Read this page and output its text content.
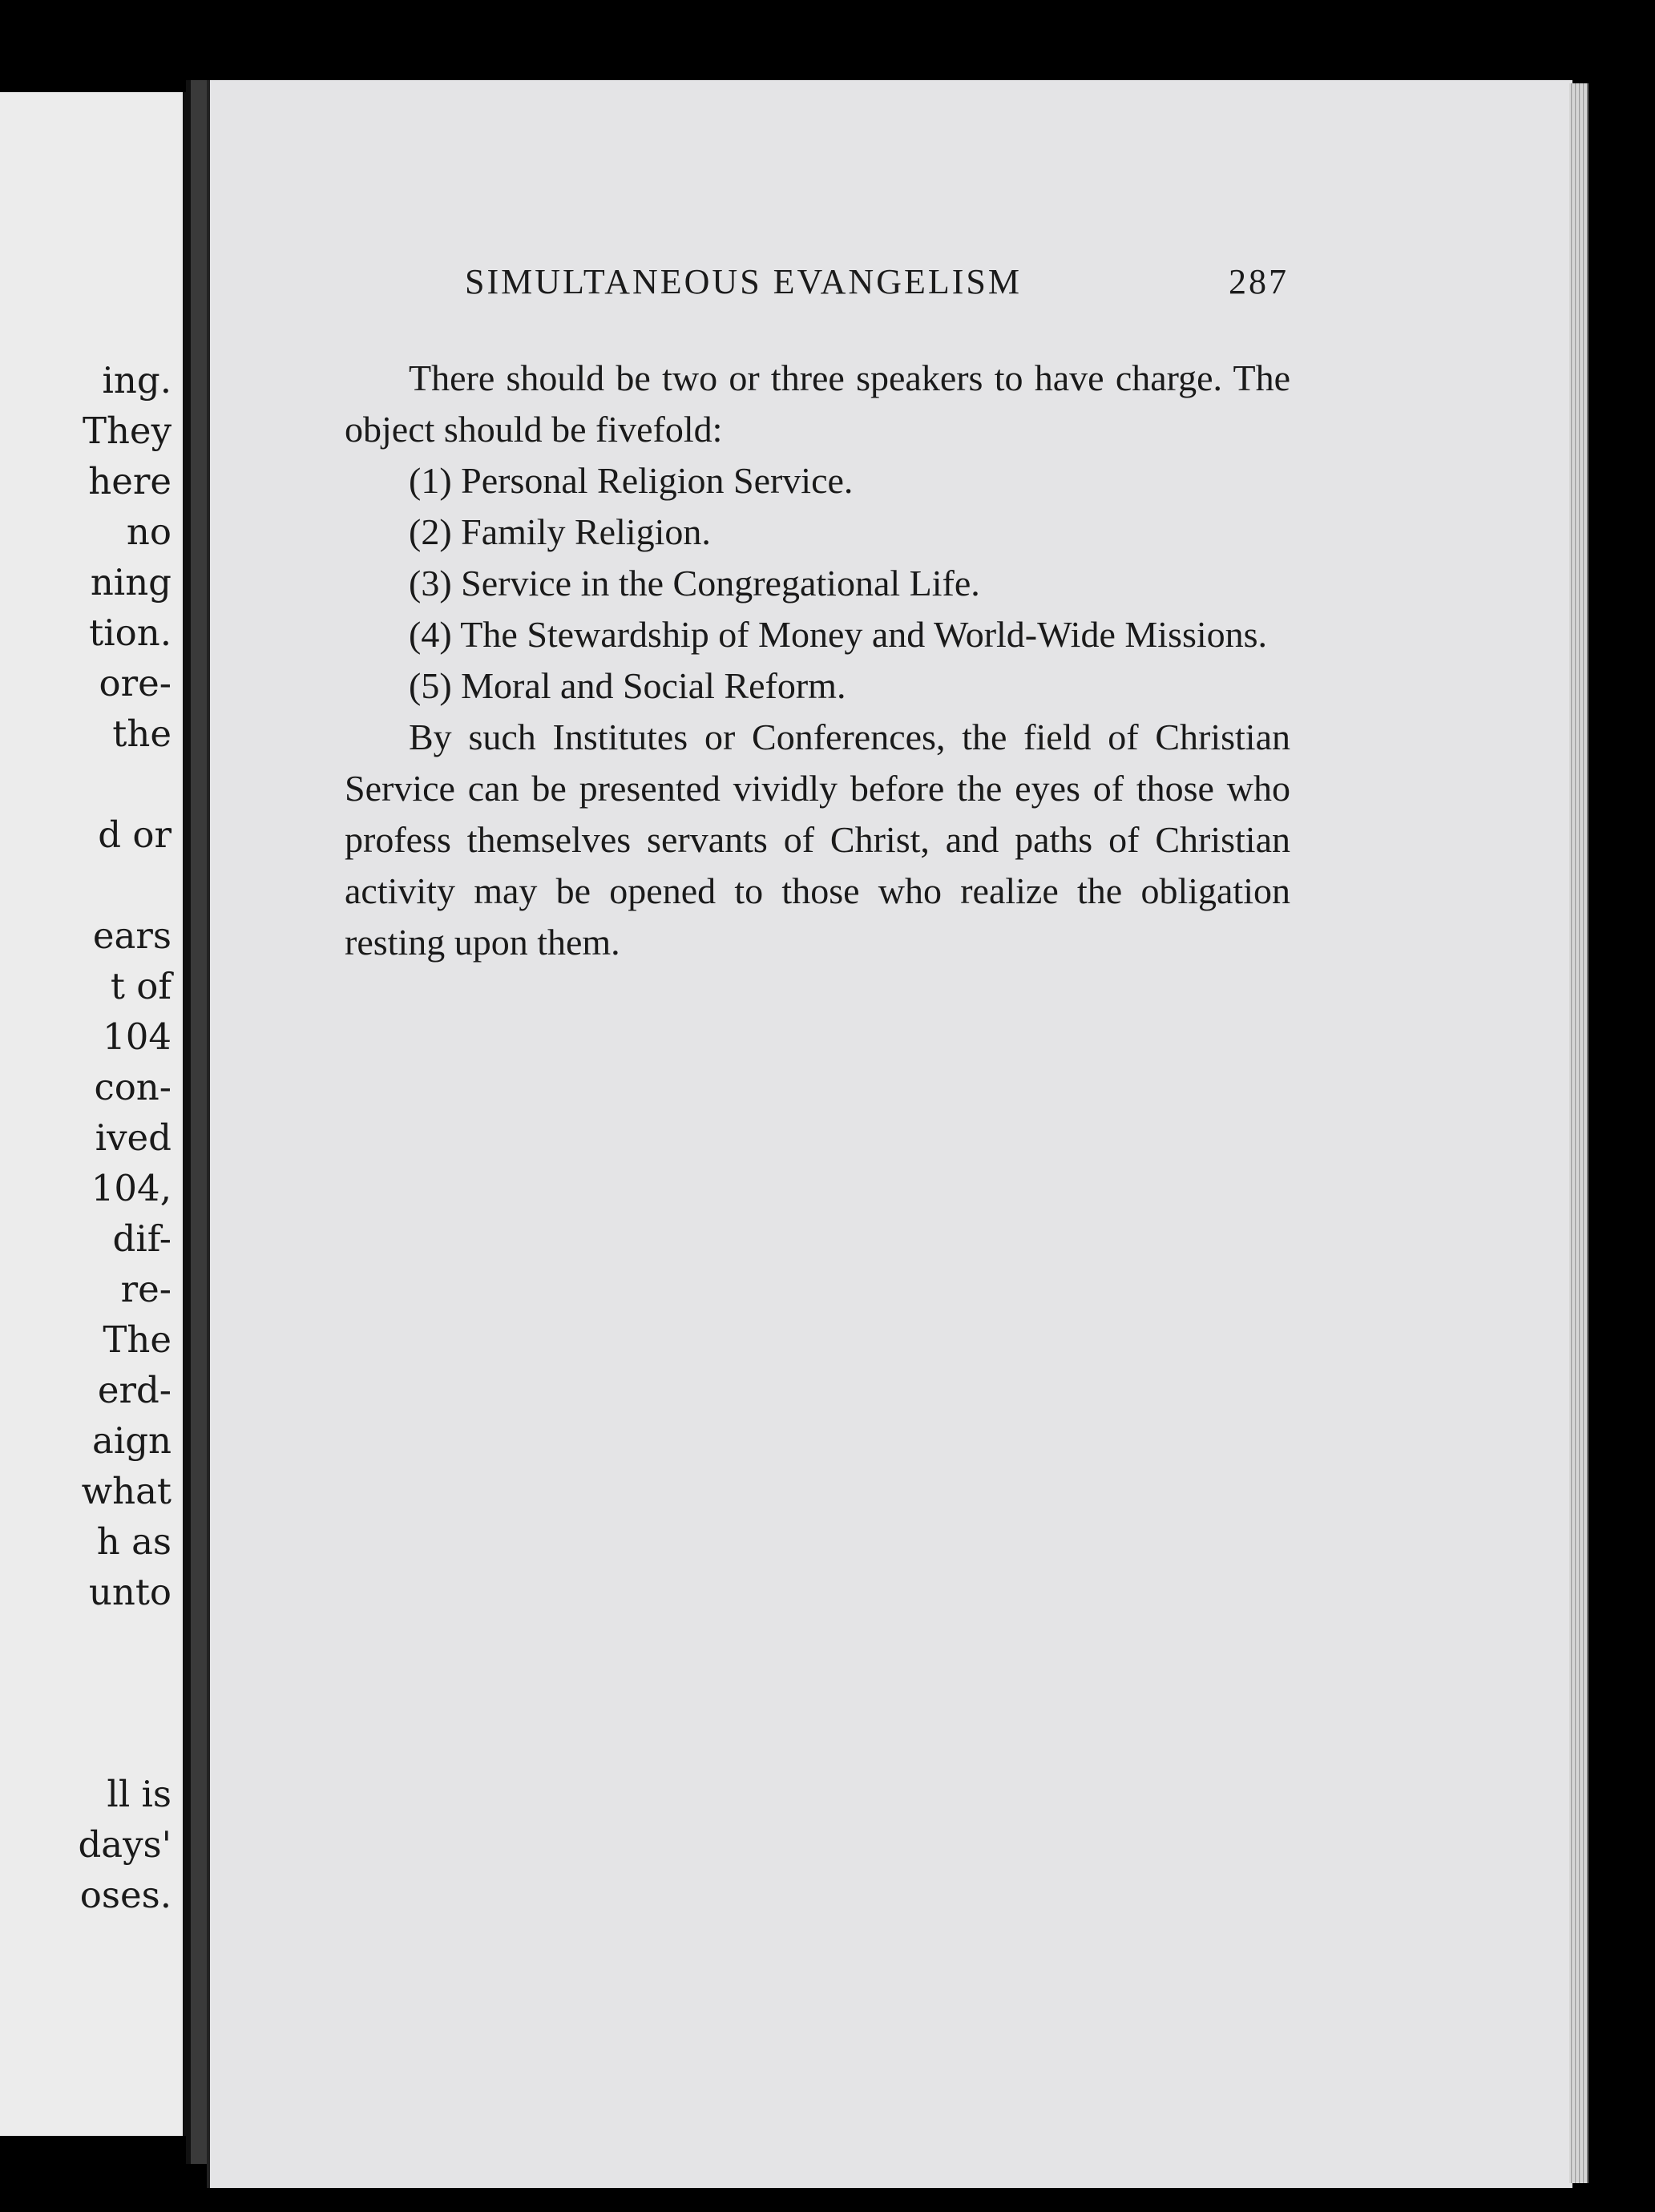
ing.
They
here
no
ning
tion.
ore-
the
d or
ears
t of
104
con-
ived
104,
dif-
re-
The
erd-
aign
what
h as
unto
ll is
days'
oses.
SIMULTANEOUS EVANGELISM	287

There should be two or three speakers to have charge. The object should be fivefold:

(1) Personal Religion Service.
(2) Family Religion.
(3) Service in the Congregational Life.
(4) The Stewardship of Money and World-Wide Missions.
(5) Moral and Social Reform.

By such Institutes or Conferences, the field of Christian Service can be presented vividly before the eyes of those who profess themselves servants of Christ, and paths of Christian activity may be opened to those who realize the obligation resting upon them.
